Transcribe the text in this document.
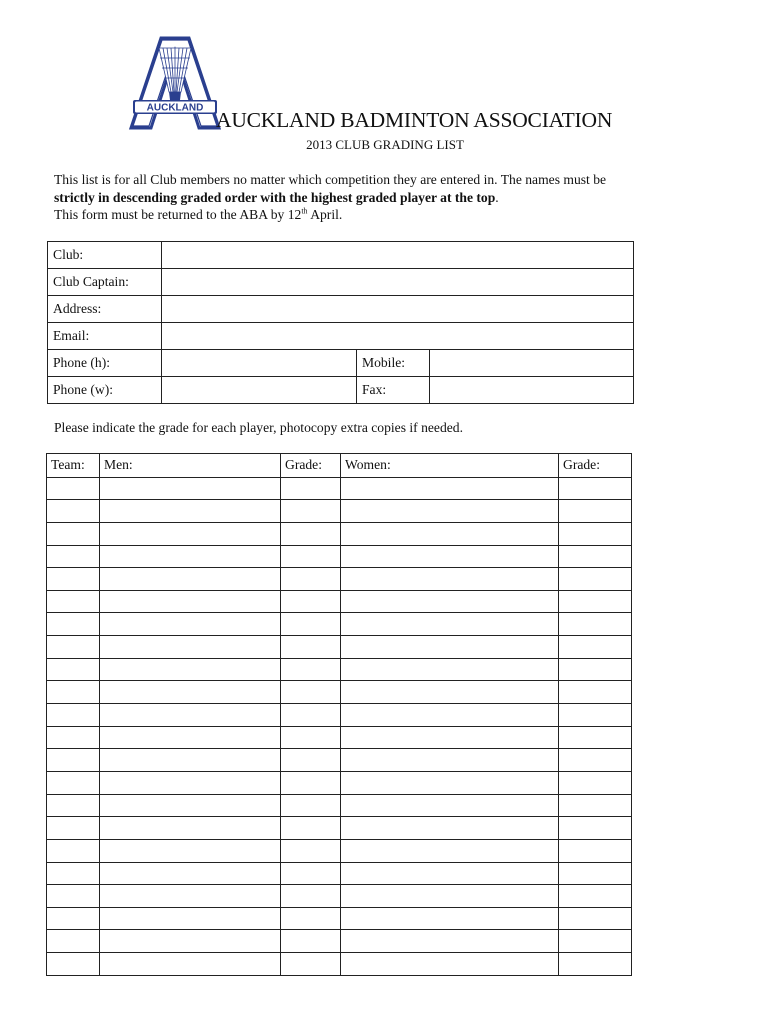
AUCKLAND AUCKLAND BADMINTON ASSOCIATION
2013 CLUB GRADING LIST
This list is for all Club members no matter which competition they are entered in. The names must be
strictly in descending graded order with the highest graded player at the top.
This form must be returned to the ABA by 12th April.
Club:			
Club Captain:			
Address:			
Email:			
Phone (h):		Mobile:	
Phone (w):		Fax:	
Please indicate the grade for each player, photocopy extra copies if needed.
Team:	Men:	Grade:	Women:	Grade:
